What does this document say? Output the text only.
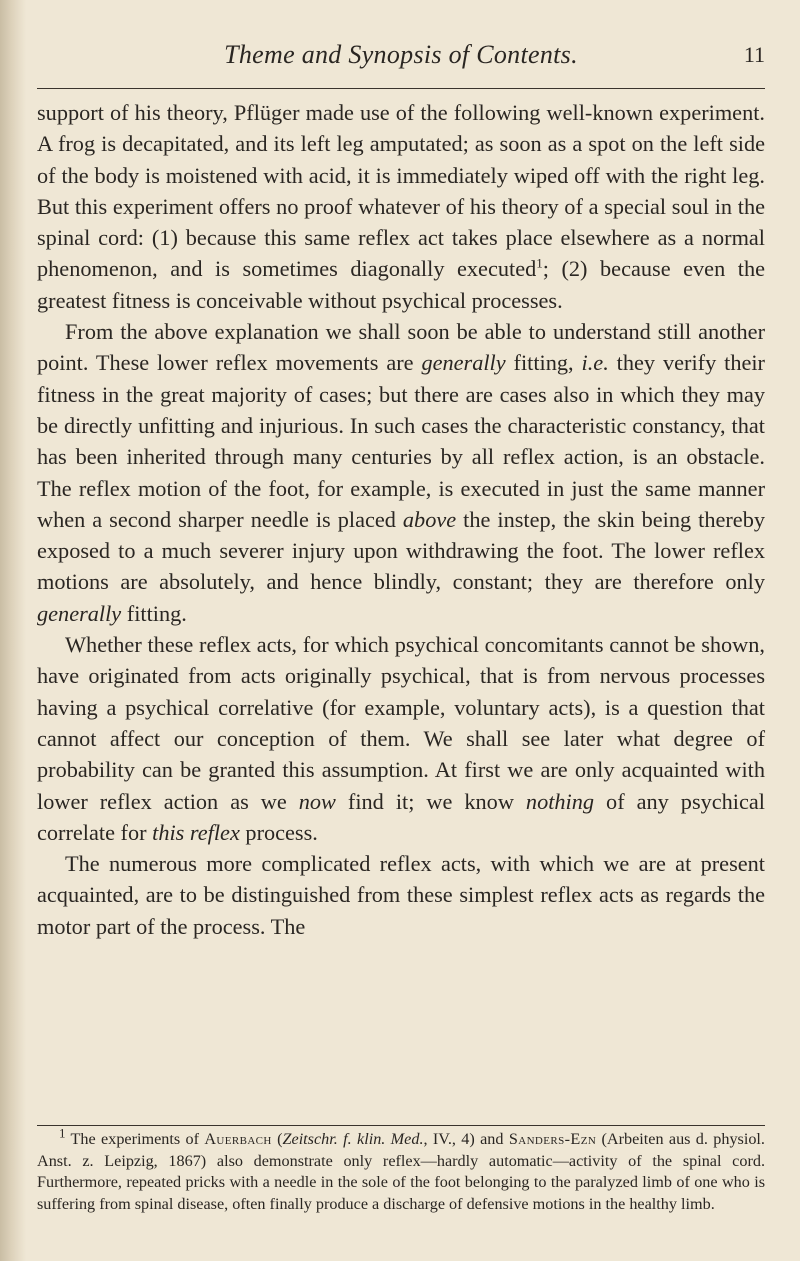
Theme and Synopsis of Contents.	11

support of his theory, Pflüger made use of the following well-known experiment. A frog is decapitated, and its left leg amputated; as soon as a spot on the left side of the body is moistened with acid, it is immediately wiped off with the right leg. But this experiment offers no proof whatever of his theory of a special soul in the spinal cord: (1) because this same reflex act takes place elsewhere as a normal phenomenon, and is sometimes diagonally executed$^1$; (2) because even the greatest fitness is conceivable without psychical processes.

From the above explanation we shall soon be able to understand still another point. These lower reflex movements are generally fitting, i.e. they verify their fitness in the great majority of cases; but there are cases also in which they may be directly unfitting and injurious. In such cases the characteristic constancy, that has been inherited through many centuries by all reflex action, is an obstacle. The reflex motion of the foot, for example, is executed in just the same manner when a second sharper needle is placed above the instep, the skin being thereby exposed to a much severer injury upon withdrawing the foot. The lower reflex motions are absolutely, and hence blindly, constant; they are therefore only generally fitting.

Whether these reflex acts, for which psychical concomitants cannot be shown, have originated from acts originally psychical, that is from nervous processes having a psychical correlative (for example, voluntary acts), is a question that cannot affect our conception of them. We shall see later what degree of probability can be granted this assumption. At first we are only acquainted with lower reflex action as we now find it; we know nothing of any psychical correlate for this reflex process.

The numerous more complicated reflex acts, with which we are at present acquainted, are to be distinguished from these simplest reflex acts as regards the motor part of the process. The

$^1$ The experiments of Auerbach (Zeitschr. f. klin. Med., IV., 4) and Sanders-Ezn (Arbeiten aus d. physiol. Anst. z. Leipzig, 1867) also demonstrate only reflex—hardly automatic—activity of the spinal cord. Furthermore, repeated pricks with a needle in the sole of the foot belonging to the paralyzed limb of one who is suffering from spinal disease, often finally produce a discharge of defensive motions in the healthy limb.
